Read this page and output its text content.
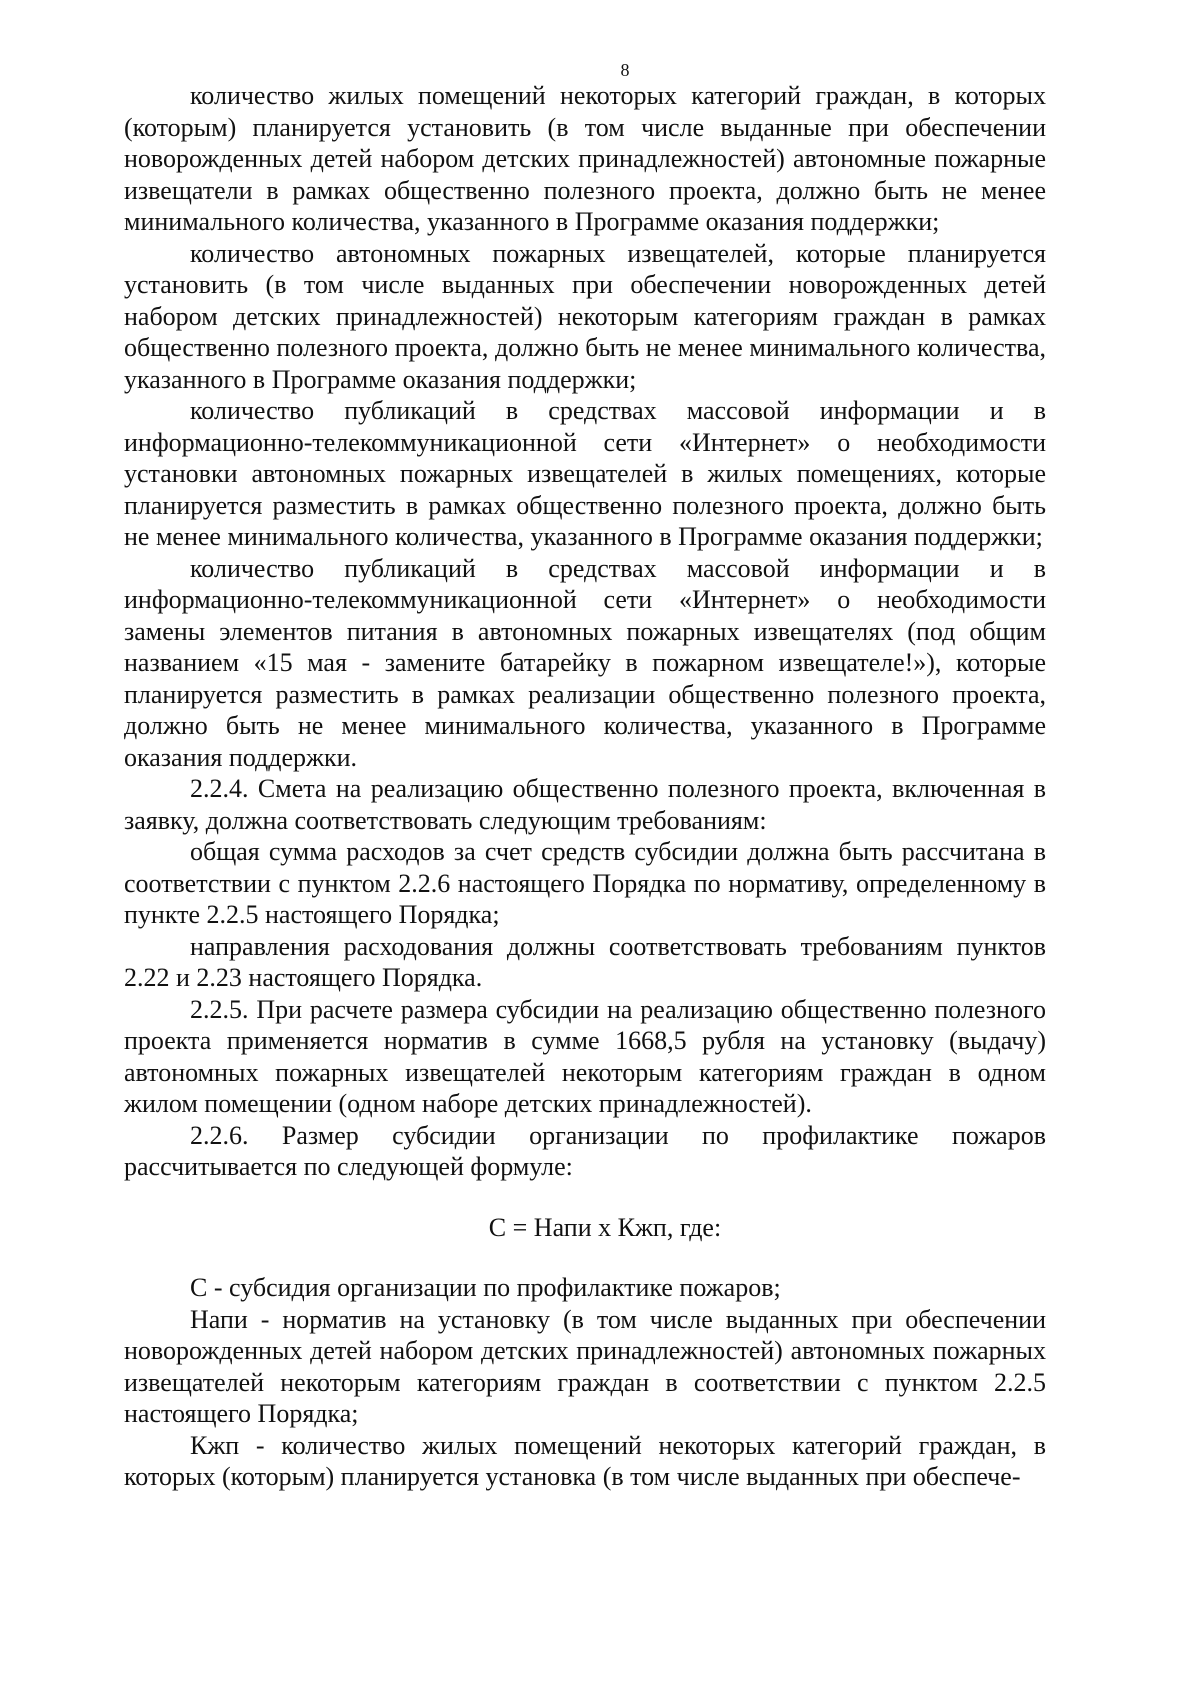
8

количество жилых помещений некоторых категорий граждан, в которых (которым) планируется установить (в том числе выданные при обеспечении новорожденных детей набором детских принадлежностей) автономные пожарные извещатели в рамках общественно полезного проекта, должно быть не менее минимального количества, указанного в Программе оказания поддержки;

количество автономных пожарных извещателей, которые планируется установить (в том числе выданных при обеспечении новорожденных детей набором детских принадлежностей) некоторым категориям граждан в рамках общественно полезного проекта, должно быть не менее минимального количества, указанного в Программе оказания поддержки;

количество публикаций в средствах массовой информации и в информационно-телекоммуникационной сети «Интернет» о необходимости установки автономных пожарных извещателей в жилых помещениях, которые планируется разместить в рамках общественно полезного проекта, должно быть не менее минимального количества, указанного в Программе оказания поддержки;

количество публикаций в средствах массовой информации и в информационно-телекоммуникационной сети «Интернет» о необходимости замены элементов питания в автономных пожарных извещателях (под общим названием «15 мая - замените батарейку в пожарном извещателе!»), которые планируется разместить в рамках реализации общественно полезного проекта, должно быть не менее минимального количества, указанного в Программе оказания поддержки.

2.2.4. Смета на реализацию общественно полезного проекта, включенная в заявку, должна соответствовать следующим требованиям:

общая сумма расходов за счет средств субсидии должна быть рассчитана в соответствии с пунктом 2.2.6 настоящего Порядка по нормативу, определенному в пункте 2.2.5 настоящего Порядка;

направления расходования должны соответствовать требованиям пунктов 2.22 и 2.23 настоящего Порядка.

2.2.5. При расчете размера субсидии на реализацию общественно полезного проекта применяется норматив в сумме 1668,5 рубля на установку (выдачу) автономных пожарных извещателей некоторым категориям граждан в одном жилом помещении (одном наборе детских принадлежностей).

2.2.6. Размер субсидии организации по профилактике пожаров рассчитывается по следующей формуле:

С = Напи х Кжп, где:

С - субсидия организации по профилактике пожаров;

Напи - норматив на установку (в том числе выданных при обеспечении новорожденных детей набором детских принадлежностей) автономных пожарных извещателей некоторым категориям граждан в соответствии с пунктом 2.2.5 настоящего Порядка;

Кжп - количество жилых помещений некоторых категорий граждан, в которых (которым) планируется установка (в том числе выданных при обеспече-
